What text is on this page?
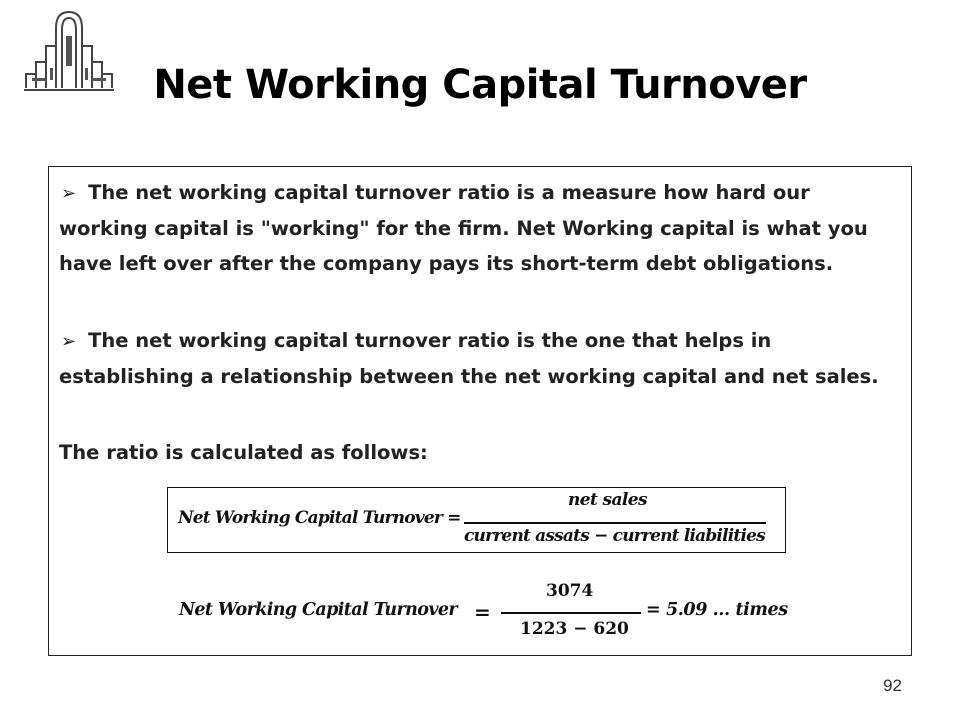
Net Working Capital Turnover

➢ The net working capital turnover ratio is a measure how hard our working capital is "working" for the firm. Net Working capital is what you have left over after the company pays its short-term debt obligations.

➢ The net working capital turnover ratio is the one that helps in establishing a relationship between the net working capital and net sales.

The ratio is calculated as follows:

Net Working Capital Turnover =
net sales
current assats − current liabilities
Net Working Capital Turnover =
3074
1223 − 620
= 5.09 … times
92
